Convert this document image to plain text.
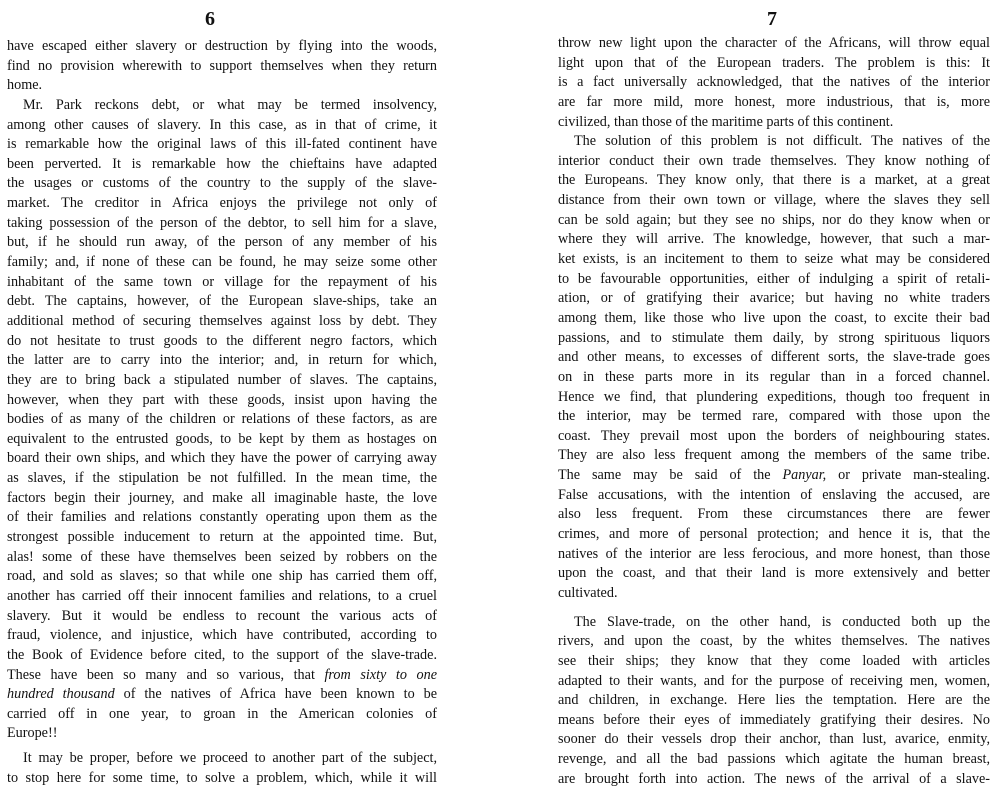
6
have escaped either slavery or destruction by flying into the woods,
find no provision wherewith to support themselves when they return
home.
Mr. Park reckons debt, or what may be termed insolvency,
among other causes of slavery. In this case, as in that of crime, it
is remarkable how the original laws of this ill-fated continent have
been perverted. It is remarkable how the chieftains have adapted
the usages or customs of the country to the supply of the slave-
market. The creditor in Africa enjoys the privilege not only of
taking possession of the person of the debtor, to sell him for a slave,
but, if he should run away, of the person of any member of his
family; and, if none of these can be found, he may seize some other
inhabitant of the same town or village for the repayment of his
debt. The captains, however, of the European slave-ships, take an
additional method of securing themselves against loss by debt. They
do not hesitate to trust goods to the different negro factors, which
the latter are to carry into the interior; and, in return for which,
they are to bring back a stipulated number of slaves. The captains,
however, when they part with these goods, insist upon having the
bodies of as many of the children or relations of these factors, as are
equivalent to the entrusted goods, to be kept by them as hostages on
board their own ships, and which they have the power of carrying away
as slaves, if the stipulation be not fulfilled. In the mean time, the
factors begin their journey, and make all imaginable haste, the love
of their families and relations constantly operating upon them as the
strongest possible inducement to return at the appointed time. But,
alas! some of these have themselves been seized by robbers on the
road, and sold as slaves; so that while one ship has carried them off,
another has carried off their innocent families and relations, to a cruel
slavery. But it would be endless to recount the various acts of
fraud, violence, and injustice, which have contributed, according to
the Book of Evidence before cited, to the support of the slave-trade.
These have been so many and so various, that from sixty to one
hundred thousand of the natives of Africa have been known to be
carried off in one year, to groan in the American colonies of
Europe!!
It may be proper, before we proceed to another part of the subject,
to stop here for some time, to solve a problem, which, while it will
7
throw new light upon the character of the Africans, will throw equal
light upon that of the European traders. The problem is this: It
is a fact universally acknowledged, that the natives of the interior
are far more mild, more honest, more industrious, that is, more
civilized, than those of the maritime parts of this continent.
The solution of this problem is not difficult. The natives of the
interior conduct their own trade themselves. They know nothing of
the Europeans. They know only, that there is a market, at a great
distance from their own town or village, where the slaves they sell
can be sold again; but they see no ships, nor do they know when or
where they will arrive. The knowledge, however, that such a mar-
ket exists, is an incitement to them to seize what may be considered
to be favourable opportunities, either of indulging a spirit of retali-
ation, or of gratifying their avarice; but having no white traders
among them, like those who live upon the coast, to excite their bad
passions, and to stimulate them daily, by strong spirituous liquors
and other means, to excesses of different sorts, the slave-trade goes
on in these parts more in its regular than in a forced channel.
Hence we find, that plundering expeditions, though too frequent in
the interior, may be termed rare, compared with those upon the
coast. They prevail most upon the borders of neighbouring states.
They are also less frequent among the members of the same tribe.
The same may be said of the Panyar, or private man-stealing.
False accusations, with the intention of enslaving the accused, are
also less frequent. From these circumstances there are fewer
crimes, and more of personal protection; and hence it is, that the
natives of the interior are less ferocious, and more honest, than those
upon the coast, and that their land is more extensively and better
cultivated.
The Slave-trade, on the other hand, is conducted both up the
rivers, and upon the coast, by the whites themselves. The natives
see their ships; they know that they come loaded with articles
adapted to their wants, and for the purpose of receiving men, women,
and children, in exchange. Here lies the temptation. Here are the
means before their eyes of immediately gratifying their desires. No
sooner do their vessels drop their anchor, than lust, avarice, enmity,
revenge, and all the bad passions which agitate the human breast,
are brought forth into action. The news of the arrival of a slave-
